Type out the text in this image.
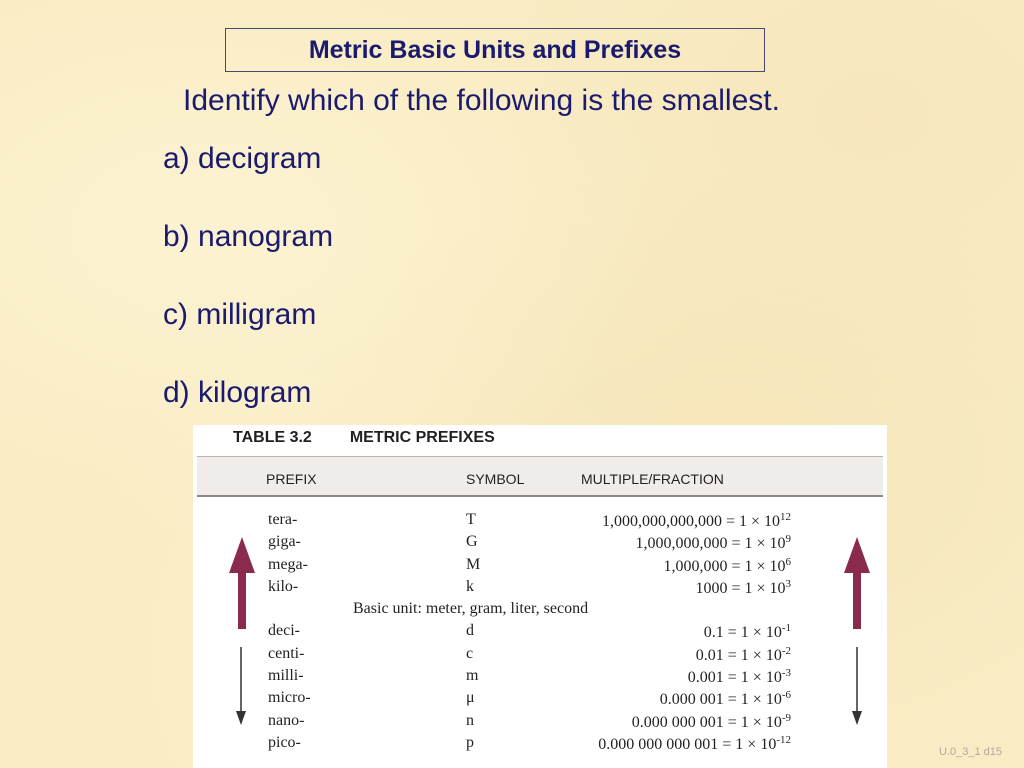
Metric Basic Units and Prefixes
Identify which of the following is the smallest.
a) decigram
b) nanogram
c) milligram
d) kilogram
TABLE 3.2 METRIC PREFIXES
PREFIX	SYMBOL	MULTIPLE/FRACTION
tera-	T	$1,000,000,000,000 = 1 \times 10^{12}$
giga-	G	$1,000,000,000 = 1 \times 10^9$
mega-	M	$1,000,000 = 1 \times 10^6$
kilo-	k	$1000 = 1 \times 10^3$
Basic unit: meter, gram, liter, second
deci-	d	$0.1 = 1 \times 10^{-1}$
centi-	c	$0.01 = 1 \times 10^{-2}$
milli-	m	$0.001 = 1 \times 10^{-3}$
micro-	μ	0.000 $001 = 1 \times 10^{-6}$
nano-	n	0.000 000 $001 = 1 \times 10^{-9}$
pico-	p	0.000 000 000 $001 = 1 \times 10^{-12}$
U.0_3_1 d15
